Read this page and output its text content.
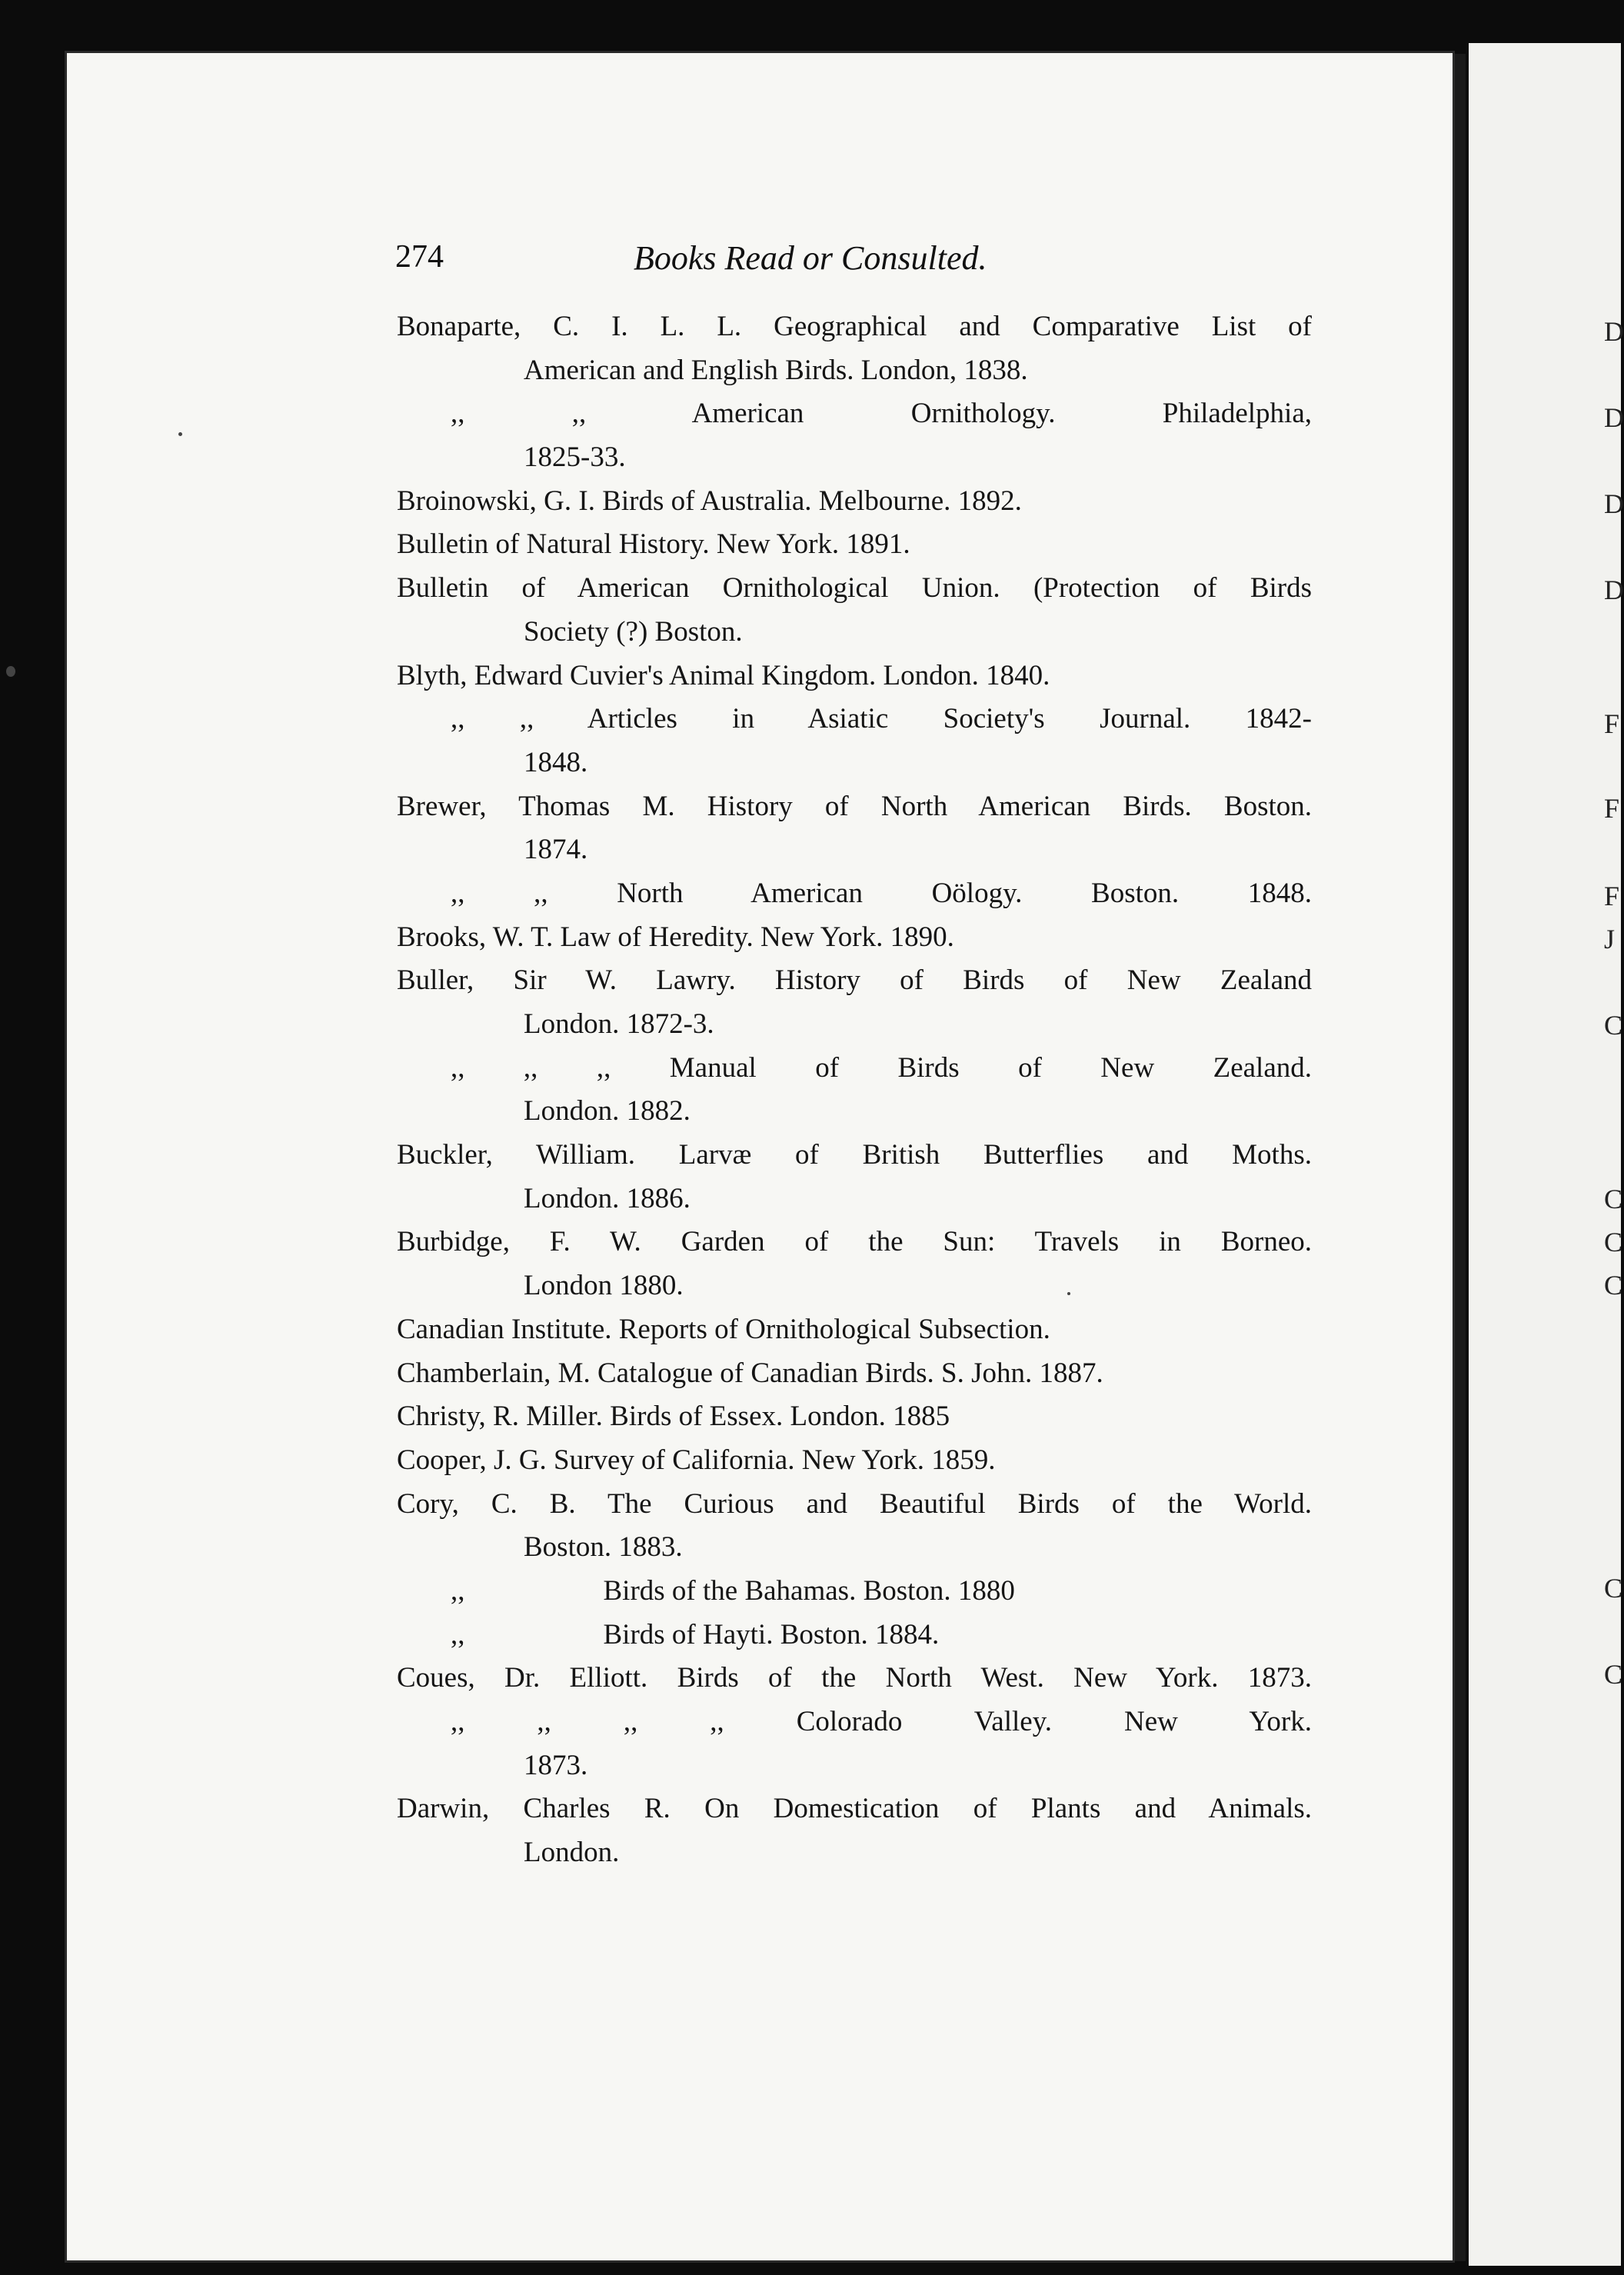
D
D
D
D
F
F
F
J
C
C
C
C
C
C
274	Books Read or Consulted.
Bonaparte, C. I. L. L. Geographical and Comparative List of
American and English Birds. London, 1838.
,, ,, American Ornithology. Philadelphia,
1825-33.
Broinowski, G. I. Birds of Australia. Melbourne. 1892.
Bulletin of Natural History. New York. 1891.
Bulletin of American Ornithological Union. (Protection of Birds
Society (?) Boston.
Blyth, Edward Cuvier's Animal Kingdom. London. 1840.
,, ,, Articles in Asiatic Society's Journal. 1842-
1848.
Brewer, Thomas M. History of North American Birds. Boston.
1874.
,, ,, North American Oölogy. Boston. 1848.
Brooks, W. T. Law of Heredity. New York. 1890.
Buller, Sir W. Lawry. History of Birds of New Zealand
London. 1872-3.
,, ,, ,, Manual of Birds of New Zealand.
London. 1882.
Buckler, William. Larvæ of British Butterflies and Moths.
London. 1886.
Burbidge, F. W. Garden of the Sun: Travels in Borneo.
London 1880.
Canadian Institute. Reports of Ornithological Subsection.
Chamberlain, M. Catalogue of Canadian Birds. S. John. 1887.
Christy, R. Miller. Birds of Essex. London. 1885
Cooper, J. G. Survey of California. New York. 1859.
Cory, C. B. The Curious and Beautiful Birds of the World.
Boston. 1883.
,,	Birds of the Bahamas. Boston. 1880
,,	Birds of Hayti. Boston. 1884.
Coues, Dr. Elliott. Birds of the North West. New York. 1873.
,, ,, ,, ,, Colorado Valley. New York.
1873.
Darwin, Charles R. On Domestication of Plants and Animals.
London.
